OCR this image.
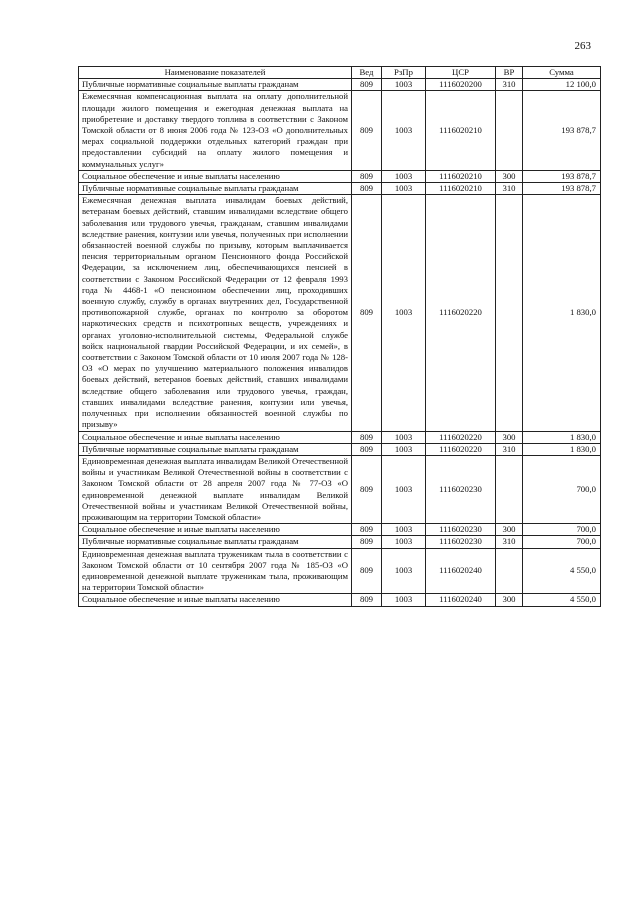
263
Наименование показателей	Вед	РзПр	ЦСР	ВР	Сумма
Публичные нормативные социальные выплаты гражданам	809	1003	1116020200	310	12 100,0
Ежемесячная компенсационная выплата на оплату дополнительной площади жилого помещения и ежегодная денежная выплата на приобретение и доставку твердого топлива в соответствии с Законом Томской области от 8 июня 2006 года № 123-ОЗ «О дополнительных мерах социальной поддержки отдельных категорий граждан при предоставлении субсидий на оплату жилого помещения и коммунальных услуг»	809	1003	1116020210		193 878,7
Социальное обеспечение и иные выплаты населению	809	1003	1116020210	300	193 878,7
Публичные нормативные социальные выплаты гражданам	809	1003	1116020210	310	193 878,7
Ежемесячная денежная выплата инвалидам боевых действий, ветеранам боевых действий, ставшим инвалидами вследствие общего заболевания или трудового увечья, гражданам, ставшим инвалидами вследствие ранения, контузии или увечья, полученных при исполнении обязанностей военной службы по призыву, которым выплачивается пенсия территориальным органом Пенсионного фонда Российской Федерации, за исключением лиц, обеспечивающихся пенсией в соответствии с Законом Российской Федерации от 12 февраля 1993 года № 4468-1 «О пенсионном обеспечении лиц, проходивших военную службу, службу в органах внутренних дел, Государственной противопожарной службе, органах по контролю за оборотом наркотических средств и психотропных веществ, учреждениях и органах уголовно-исполнительной системы, Федеральной службе войск национальной гвардии Российской Федерации, и их семей», в соответствии с Законом Томской области от 10 июля 2007 года № 128-ОЗ «О мерах по улучшению материального положения инвалидов боевых действий, ветеранов боевых действий, ставших инвалидами вследствие общего заболевания или трудового увечья, граждан, ставших инвалидами вследствие ранения, контузии или увечья, полученных при исполнении обязанностей военной службы по призыву»	809	1003	1116020220		1 830,0
Социальное обеспечение и иные выплаты населению	809	1003	1116020220	300	1 830,0
Публичные нормативные социальные выплаты гражданам	809	1003	1116020220	310	1 830,0
Единовременная денежная выплата инвалидам Великой Отечественной войны и участникам Великой Отечественной войны в соответствии с Законом Томской области от 28 апреля 2007 года № 77-ОЗ «О единовременной денежной выплате инвалидам Великой Отечественной войны и участникам Великой Отечественной войны, проживающим на территории Томской области»	809	1003	1116020230		700,0
Социальное обеспечение и иные выплаты населению	809	1003	1116020230	300	700,0
Публичные нормативные социальные выплаты гражданам	809	1003	1116020230	310	700,0
Единовременная денежная выплата труженикам тыла в соответствии с Законом Томской области от 10 сентября 2007 года № 185-ОЗ «О единовременной денежной выплате труженикам тыла, проживающим на территории Томской области»	809	1003	1116020240		4 550,0
Социальное обеспечение и иные выплаты населению	809	1003	1116020240	300	4 550,0
